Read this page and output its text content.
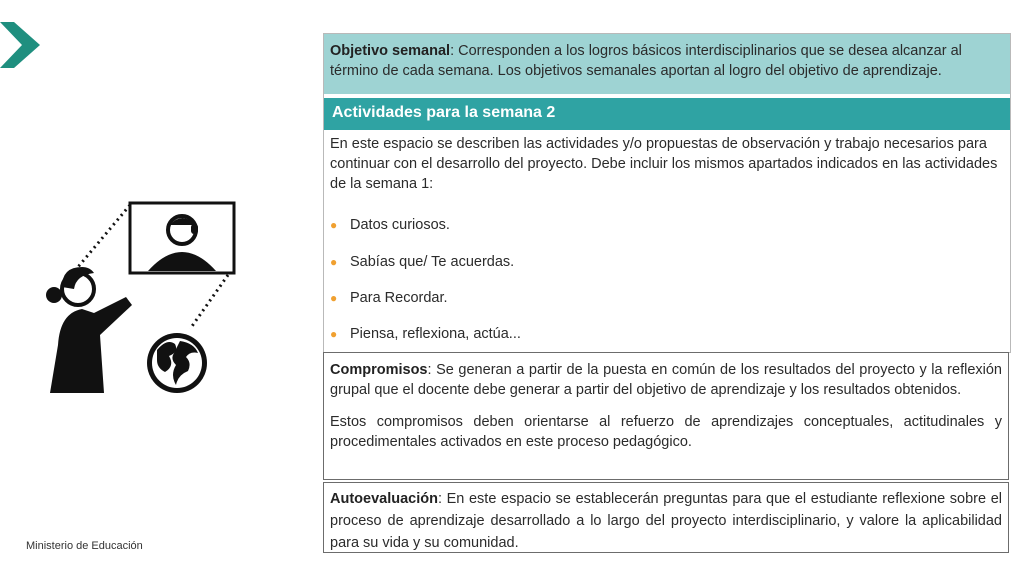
Ministerio de Educación
Objetivo semanal: Corresponden a los logros básicos interdisciplinarios que se desea alcanzar al término de cada semana. Los objetivos semanales aportan al logro del objetivo de aprendizaje.
Actividades para la semana 2
En este espacio se describen las actividades y/o propuestas de observación y trabajo necesarios para continuar con el desarrollo del proyecto. Debe incluir los mismos apartados indicados en las actividades de la semana 1:
● Datos curiosos.
● Sabías que/ Te acuerdas.
● Para Recordar.
● Piensa, reflexiona, actúa...

Compromisos: Se generan a partir de la puesta en común de los resultados del proyecto y la reflexión grupal que el docente debe generar a partir del objetivo de aprendizaje y los resultados obtenidos.

Estos compromisos deben orientarse al refuerzo de aprendizajes conceptuales, actitudinales y procedimentales activados en este proceso pedagógico.

Autoevaluación: En este espacio se establecerán preguntas para que el estudiante reflexione sobre el proceso de aprendizaje desarrollado a lo largo del proyecto interdisciplinario, y valore la aplicabilidad para su vida y su comunidad.
